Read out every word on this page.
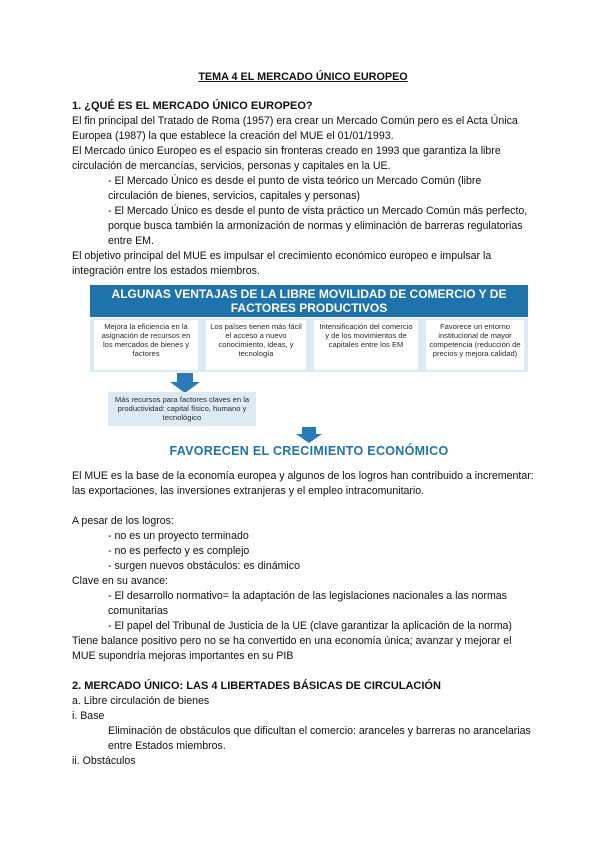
TEMA 4 EL MERCADO ÚNICO EUROPEO
1. ¿QUÉ ES EL MERCADO ÚNICO EUROPEO?

El fin principal del Tratado de Roma (1957) era crear un Mercado Común pero es el Acta Única Europea (1987) la que establece la creación del MUE el 01/01/1993.

El Mercado único Europeo es el espacio sin fronteras creado en 1993 que garantiza la libre circulación de mercancías, servicios, personas y capitales en la UE.

- El Mercado Único es desde el punto de vista teórico un Mercado Común (libre circulación de bienes, servicios, capitales y personas)

- El Mercado Único es desde el punto de vista práctico un Mercado Común más perfecto, porque busca también la armonización de normas y eliminación de barreras regulatorias entre EM.

El objetivo principal del MUE es impulsar el crecimiento económico europeo e impulsar la integración entre los estados miembros.

ALGUNAS VENTAJAS DE LA LIBRE MOVILIDAD DE COMERCIO Y DE FACTORES PRODUCTIVOS
Mejora la eficiencia en la asignación de recursos en los mercados de bienes y factores
Los países tienen más fácil el acceso a nuevo conocimiento, ideas, y tecnología
Intensificación del comercio y de los movimientos de capitales entre los EM
Favorece un entorno institucional de mayor competencia (reducción de precios y mejora calidad)
Más recursos para factores claves en la productividad: capital físico, humano y tecnológico
FAVORECEN EL CRECIMIENTO ECONÓMICO

El MUE es la base de la economía europea y algunos de los logros han contribuido a incrementar: las exportaciones, las inversiones extranjeras y el empleo intracomunitario.

A pesar de los logros:

- no es un proyecto terminado

- no es perfecto y es complejo

- surgen nuevos obstáculos: es dinámico

Clave en su avance:

- El desarrollo normativo= la adaptación de las legislaciones nacionales a las normas comunitarias

- El papel del Tribunal de Justicia de la UE (clave garantizar la aplicación de la norma)

Tiene balance positivo pero no se ha convertido en una economía única; avanzar y mejorar el MUE supondría mejoras importantes en su PIB

2. MERCADO ÚNICO: LAS 4 LIBERTADES BÁSICAS DE CIRCULACIÓN

a. Libre circulación de bienes

i. Base

Eliminación de obstáculos que dificultan el comercio: aranceles y barreras no arancelarias entre Estados miembros.

ii. Obstáculos
